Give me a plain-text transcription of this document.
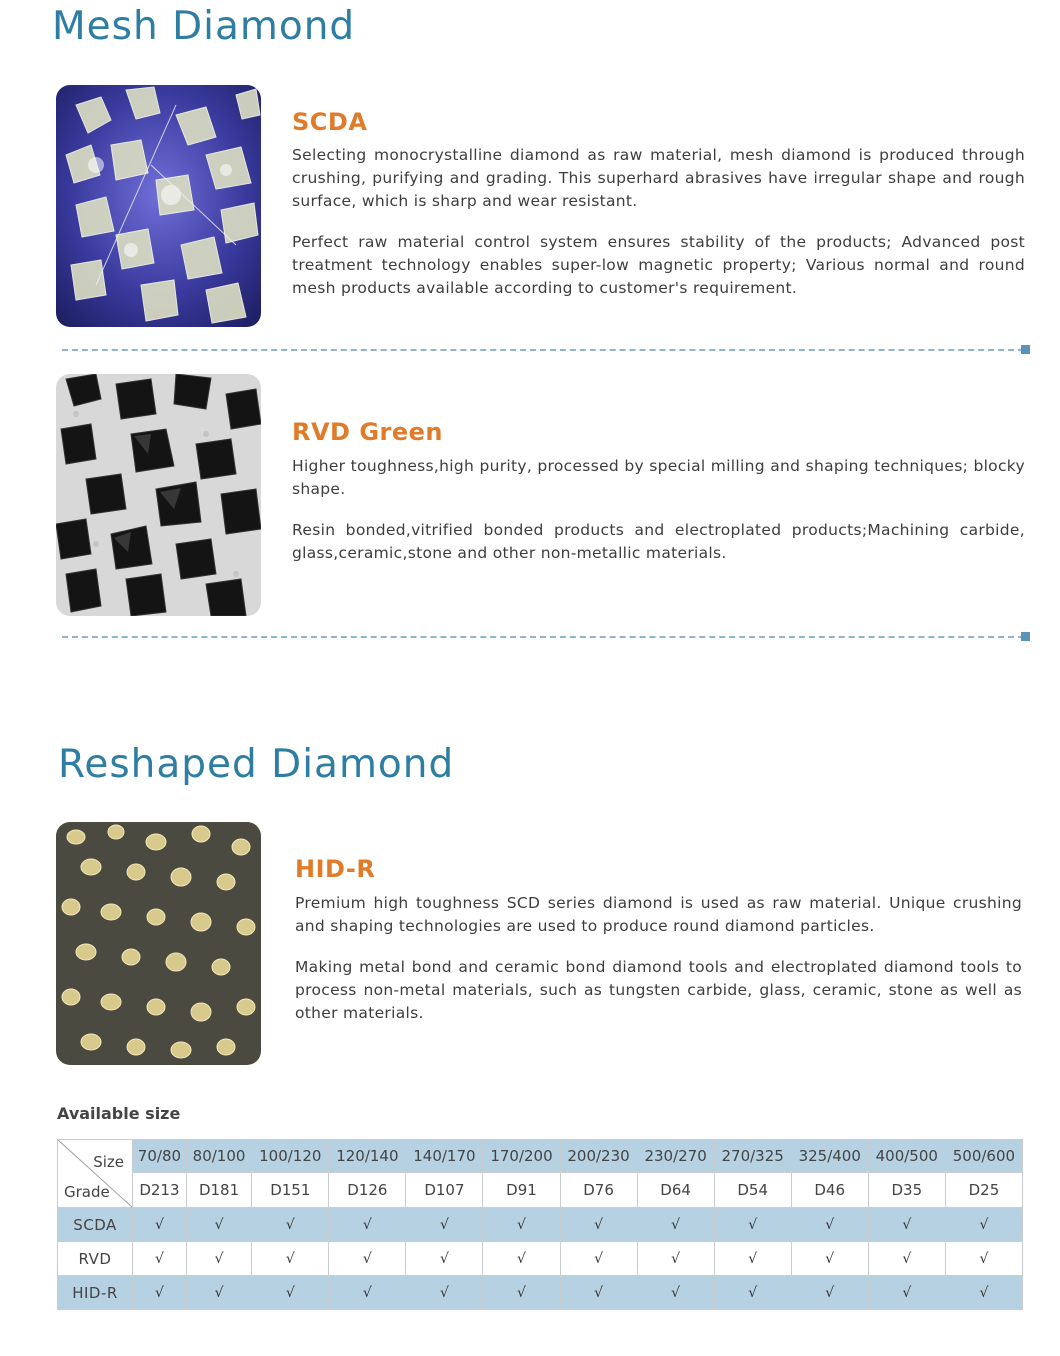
Mesh Diamond
SCDA

Selecting monocrystalline diamond as raw material, mesh diamond is produced through crushing, purifying and grading. This superhard abrasives have irregular shape and rough surface, which is sharp and wear resistant.

Perfect raw material control system ensures stability of the products; Advanced post treatment technology enables super-low magnetic property; Various normal and round mesh products available according to customer's requirement.

RVD Green

Higher toughness,high purity, processed by special milling and shaping techniques; blocky shape.

Resin bonded,vitrified bonded products and electroplated products;Machining carbide, glass,ceramic,stone and other non-metallic materials.

Reshaped Diamond
HID-R

Premium high toughness SCD series diamond is used as raw material. Unique crushing and shaping technologies are used to produce round diamond particles.

Making metal bond and ceramic bond diamond tools and electroplated diamond tools to process non-metal materials, such as tungsten carbide, glass, ceramic, stone as well as other materials.

Available size
Size
Grade	70/80	80/100	100/120	120/140	140/170	170/200	200/230	230/270	270/325	325/400	400/500	500/600
	D213	D181	D151	D126	D107	D91	D76	D64	D54	D46	D35	D25
SCDA	√	√	√	√	√	√	√	√	√	√	√	√
RVD	√	√	√	√	√	√	√	√	√	√	√	√
HID-R	√	√	√	√	√	√	√	√	√	√	√	√
